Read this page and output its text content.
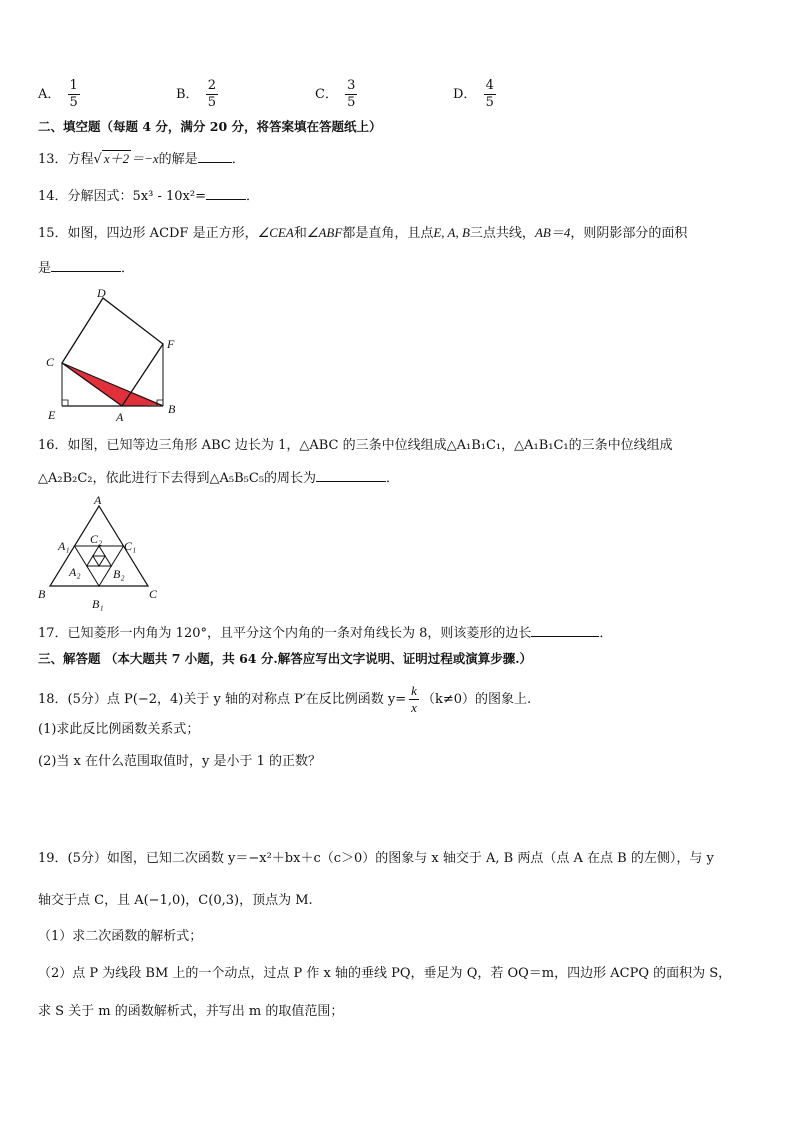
A． $\frac{1}{5}$	B． $\frac{2}{5}$	C． $\frac{3}{5}$	D． $\frac{4}{5}$
二、填空题（每题 4 分，满分 20 分，将答案填在答题纸上）
13．方程√ x＋2 ＝−x的解是	．
14．分解因式：5x³ - 10x²=	．
15．如图，四边形 ACDF 是正方形，∠CEA和∠ABF都是直角，且点E, A, B三点共线，AB＝4，则阴影部分的面积
是	．
D
F
C
E	A
B
16．如图，已知等边三角形 ABC 边长为 1，△ABC 的三条中位线组成△A₁B₁C₁，△A₁B₁C₁的三条中位线组成
△A₂B₂C₂，依此进行下去得到△A₅B₅C₅的周长为	．
A
B	C
A₁	C₁
B₁
C₂
A₂	B₂
17．已知菱形一内角为 120°，且平分这个内角的一条对角线长为 8，则该菱形的边长	．
三、解答题 （本大题共 7 小题，共 64 分.解答应写出文字说明、证明过程或演算步骤.）
18．(5分）点 P(−2，4)关于 y 轴的对称点 P′在反比例函数 $y= \frac{k}{x} (k\ne 0)$的图象上.
(1)求此反比例函数关系式；
(2)当 x 在什么范围取值时，y 是小于 1 的正数？
19．(5分）如图，已知二次函数 y＝−x²＋bx＋c（c＞0）的图象与 x 轴交于 A, B 两点（点 A 在点 B 的左侧），与 y
轴交于点 C，且 A(−1,0)，C(0,3)，顶点为 M.
（1）求二次函数的解析式；
（2）点 P 为线段 BM 上的一个动点，过点 P 作 x 轴的垂线 PQ，垂足为 Q，若 OQ＝m，四边形 ACPQ 的面积为 S，
求 S 关于 m 的函数解析式，并写出 m 的取值范围；
